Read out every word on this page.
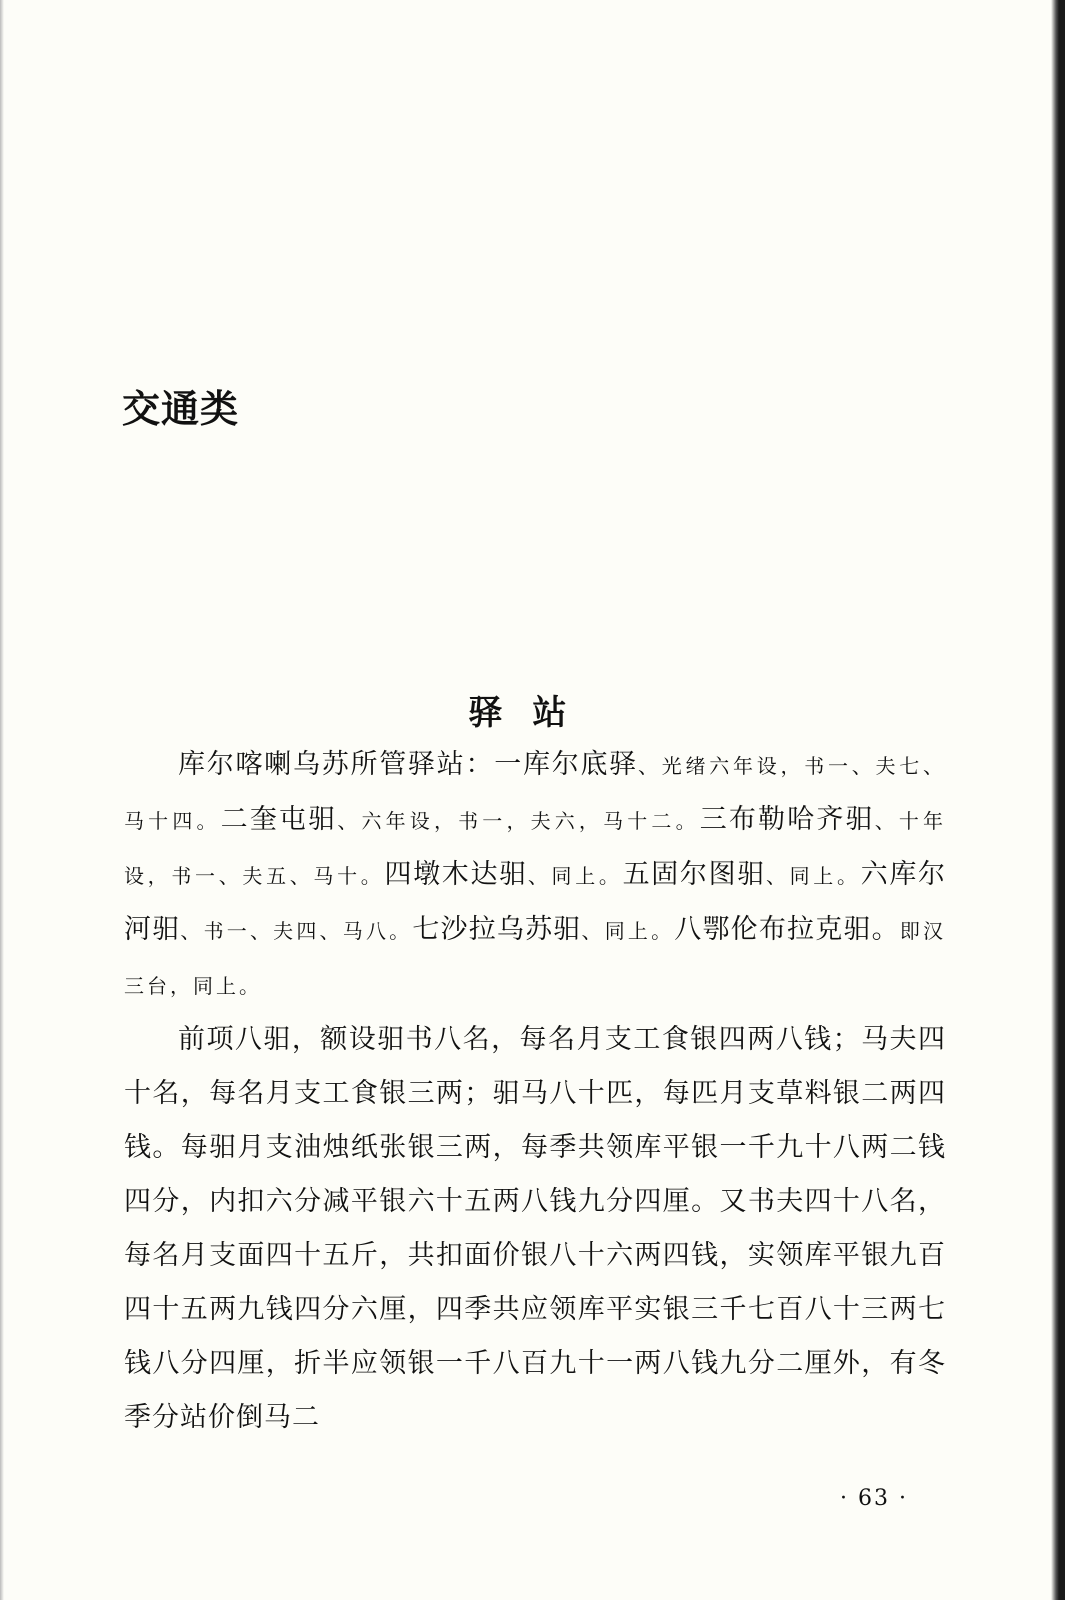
交通类
驿站

库尔喀喇乌苏所管驿站：一库尔底驿、光绪六年设，书一、夫七、马十四。二奎屯驲、六年设，书一，夫六，马十二。三布勒哈齐驲、十年设，书一、夫五、马十。四墩木达驲、同上。五固尔图驲、同上。六库尔河驲、书一、夫四、马八。七沙拉乌苏驲、同上。八鄂伦布拉克驲。即汉三台，同上。

前项八驲，额设驲书八名，每名月支工食银四两八钱；马夫四十名，每名月支工食银三两；驲马八十匹，每匹月支草料银二两四钱。每驲月支油烛纸张银三两，每季共领库平银一千九十八两二钱四分，内扣六分减平银六十五两八钱九分四厘。又书夫四十八名，每名月支面四十五斤，共扣面价银八十六两四钱，实领库平银九百四十五两九钱四分六厘，四季共应领库平实银三千七百八十三两七钱八分四厘，折半应领银一千八百九十一两八钱九分二厘外，有冬季分站价倒马二

· 63 ·
